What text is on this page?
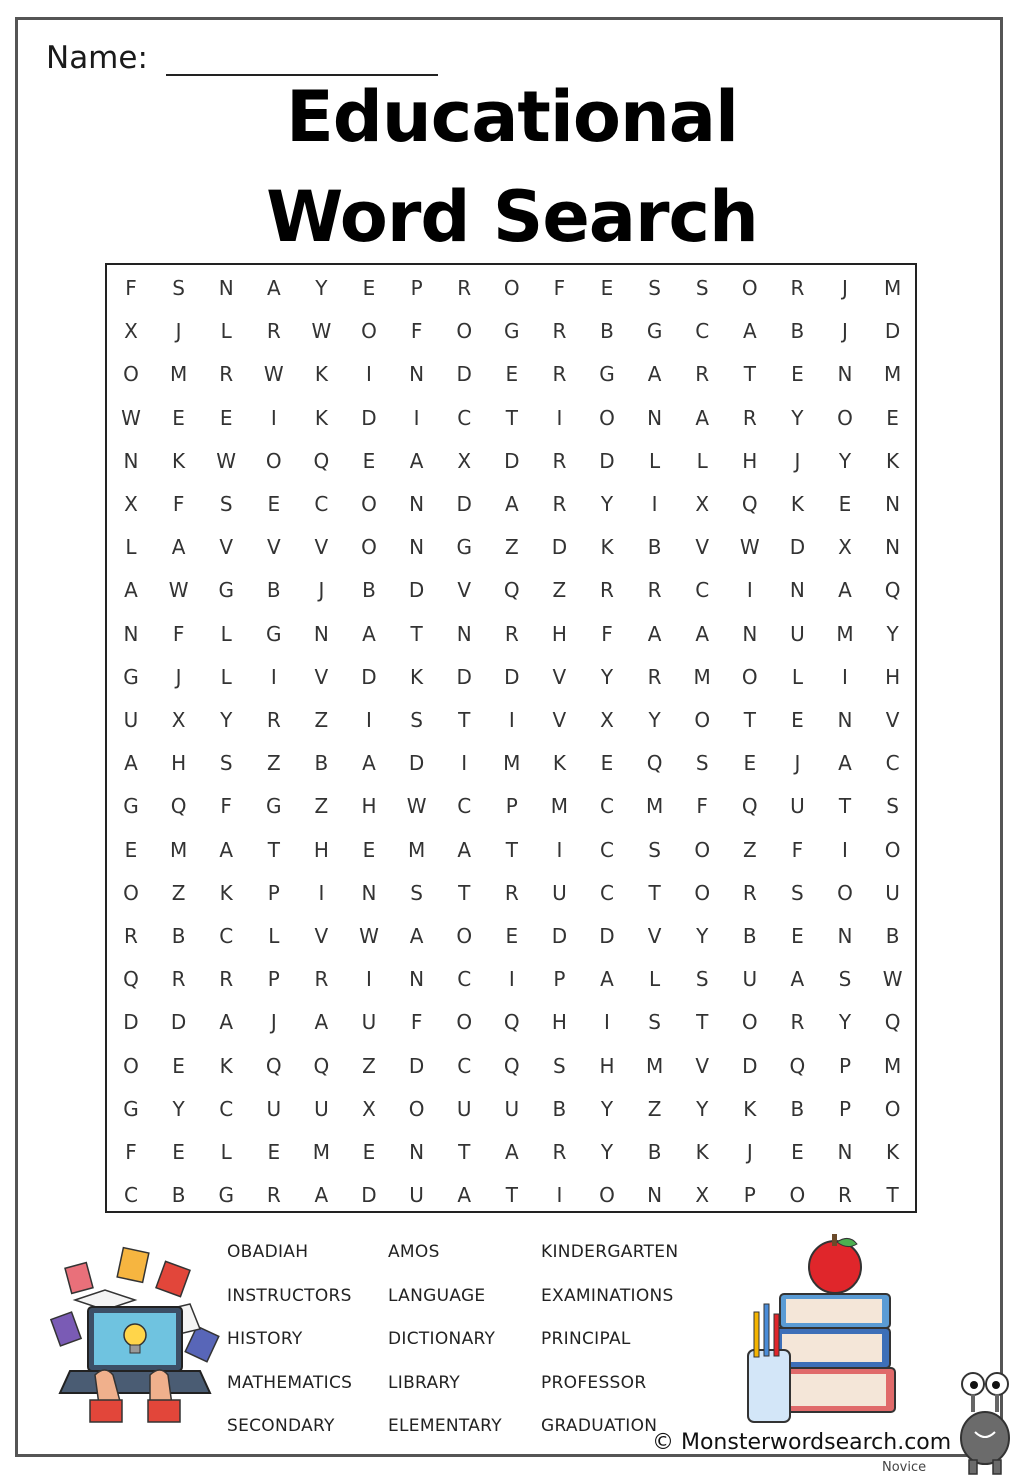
Name:
Educational
Word Search
F	S	N	A	Y	E	P	R	O	F	E	S	S	O	R	J	M
X	J	L	R	W	O	F	O	G	R	B	G	C	A	B	J	D
O	M	R	W	K	I	N	D	E	R	G	A	R	T	E	N	M
W	E	E	I	K	D	I	C	T	I	O	N	A	R	Y	O	E
N	K	W	O	Q	E	A	X	D	R	D	L	L	H	J	Y	K
X	F	S	E	C	O	N	D	A	R	Y	I	X	Q	K	E	N
L	A	V	V	V	O	N	G	Z	D	K	B	V	W	D	X	N
A	W	G	B	J	B	D	V	Q	Z	R	R	C	I	N	A	Q
N	F	L	G	N	A	T	N	R	H	F	A	A	N	U	M	Y
G	J	L	I	V	D	K	D	D	V	Y	R	M	O	L	I	H
U	X	Y	R	Z	I	S	T	I	V	X	Y	O	T	E	N	V
A	H	S	Z	B	A	D	I	M	K	E	Q	S	E	J	A	C
G	Q	F	G	Z	H	W	C	P	M	C	M	F	Q	U	T	S
E	M	A	T	H	E	M	A	T	I	C	S	O	Z	F	I	O
O	Z	K	P	I	N	S	T	R	U	C	T	O	R	S	O	U
R	B	C	L	V	W	A	O	E	D	D	V	Y	B	E	N	B
Q	R	R	P	R	I	N	C	I	P	A	L	S	U	A	S	W
D	D	A	J	A	U	F	O	Q	H	I	S	T	O	R	Y	Q
O	E	K	Q	Q	Z	D	C	Q	S	H	M	V	D	Q	P	M
G	Y	C	U	U	X	O	U	U	B	Y	Z	Y	K	B	P	O
F	E	L	E	M	E	N	T	A	R	Y	B	K	J	E	N	K
C	B	G	R	A	D	U	A	T	I	O	N	X	P	O	R	T
OBADIAH
INSTRUCTORS
HISTORY
MATHEMATICS
SECONDARY
AMOS
LANGUAGE
DICTIONARY
LIBRARY
ELEMENTARY
KINDERGARTEN
EXAMINATIONS
PRINCIPAL
PROFESSOR
GRADUATION
© Monsterwordsearch.com
Novice
